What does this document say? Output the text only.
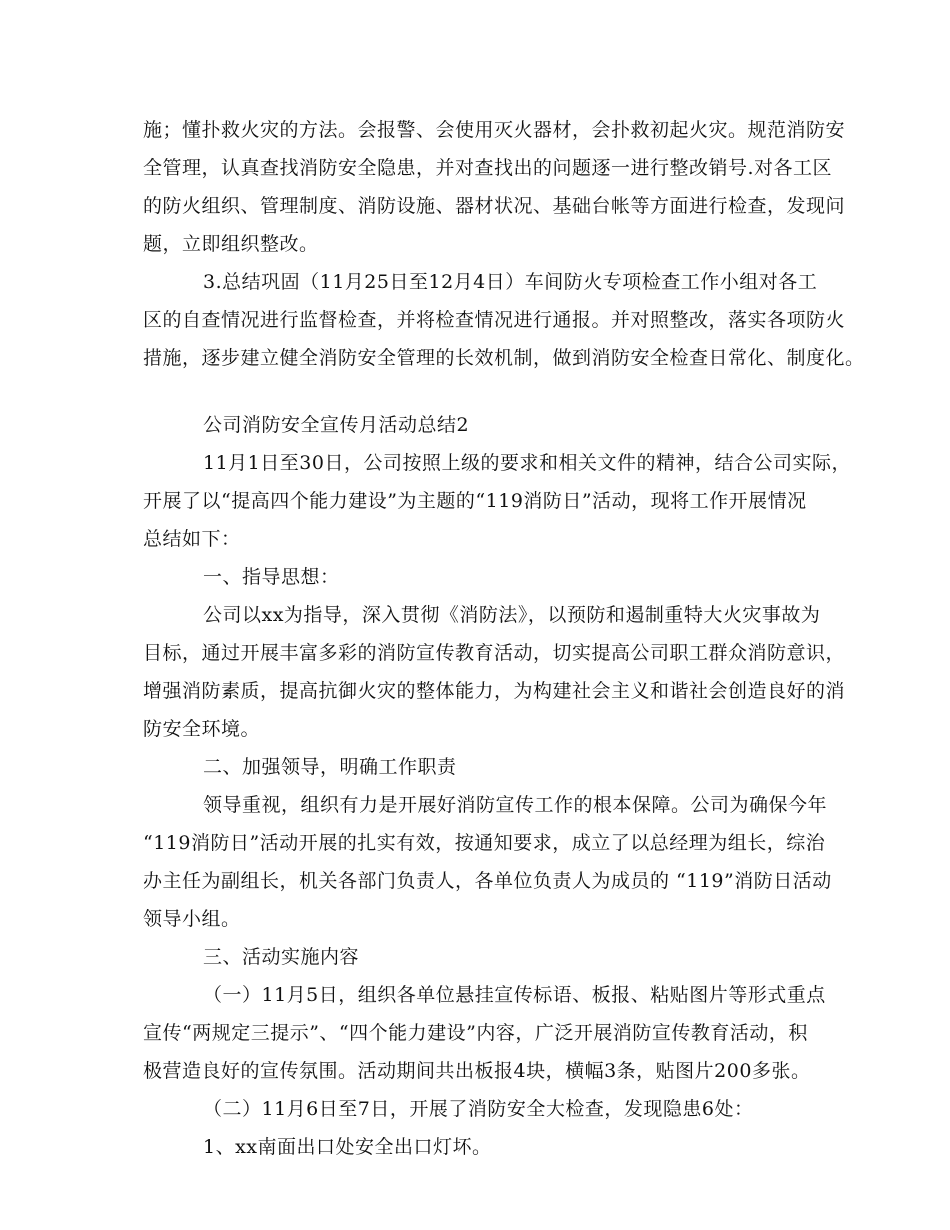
施；懂扑救火灾的方法。会报警、会使用灭火器材，会扑救初起火灾。规范消防安
全管理，认真查找消防安全隐患，并对查找出的问题逐一进行整改销号.对各工区
的防火组织、管理制度、消防设施、器材状况、基础台帐等方面进行检查，发现问
题，立即组织整改。
3.总结巩固（11月25日至12月4日）车间防火专项检查工作小组对各工
区的自查情况进行监督检查，并将检查情况进行通报。并对照整改，落实各项防火
措施，逐步建立健全消防安全管理的长效机制，做到消防安全检查日常化、制度化。
公司消防安全宣传月活动总结2
11月1日至30日，公司按照上级的要求和相关文件的精神，结合公司实际，
开展了以“提高四个能力建设”为主题的“119消防日”活动，现将工作开展情况
总结如下：
一、指导思想：
公司以xx为指导，深入贯彻《消防法》，以预防和遏制重特大火灾事故为
目标，通过开展丰富多彩的消防宣传教育活动，切实提高公司职工群众消防意识，
增强消防素质，提高抗御火灾的整体能力，为构建社会主义和谐社会创造良好的消
防安全环境。
二、加强领导，明确工作职责
领导重视，组织有力是开展好消防宣传工作的根本保障。公司为确保今年
“119消防日”活动开展的扎实有效，按通知要求，成立了以总经理为组长，综治
办主任为副组长，机关各部门负责人，各单位负责人为成员的 “119”消防日活动
领导小组。
三、活动实施内容
（一）11月5日，组织各单位悬挂宣传标语、板报、粘贴图片等形式重点
宣传“两规定三提示”、“四个能力建设”内容，广泛开展消防宣传教育活动，积
极营造良好的宣传氛围。活动期间共出板报4块，横幅3条，贴图片200多张。
（二）11月6日至7日，开展了消防安全大检查，发现隐患6处：
1、xx南面出口处安全出口灯坏。
